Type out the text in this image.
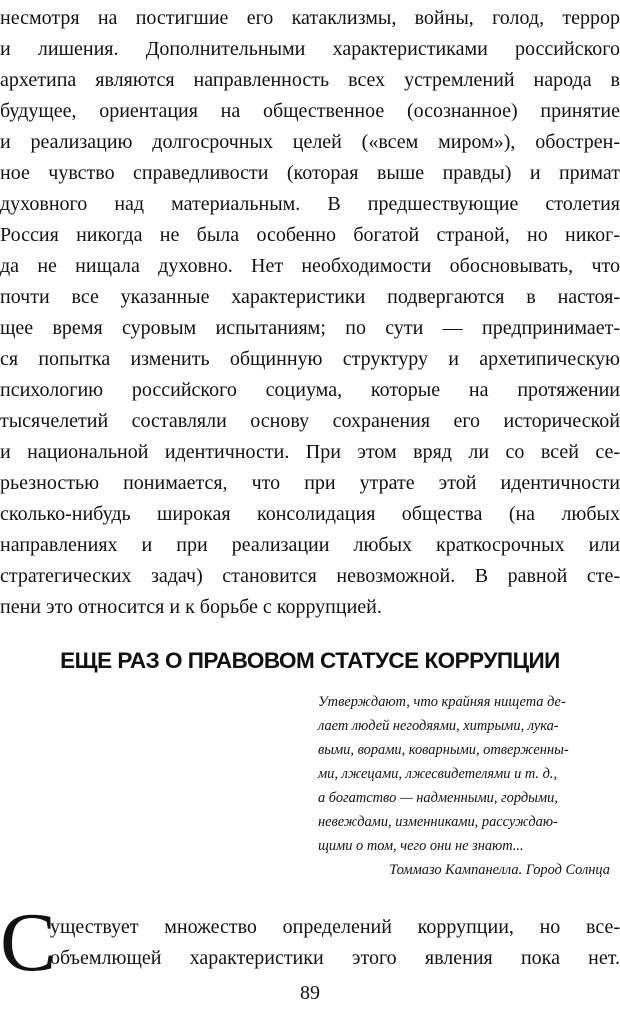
несмотря на постигшие его катаклизмы, войны, голод, террор
и лишения. Дополнительными характеристиками российского
архетипа являются направленность всех устремлений народа в
будущее, ориентация на общественное (осознанное) принятие
и реализацию долгосрочных целей («всем миром»), обострен-
ное чувство справедливости (которая выше правды) и примат
духовного над материальным. В предшествующие столетия
Россия никогда не была особенно богатой страной, но никог-
да не нищала духовно. Нет необходимости обосновывать, что
почти все указанные характеристики подвергаются в настоя-
щее время суровым испытаниям; по сути — предпринимает-
ся попытка изменить общинную структуру и архетипическую
психологию российского социума, которые на протяжении
тысячелетий составляли основу сохранения его исторической
и национальной идентичности. При этом вряд ли со всей се-
рьезностью понимается, что при утрате этой идентичности
сколько-нибудь широкая консолидация общества (на любых
направлениях и при реализации любых краткосрочных или
стратегических задач) становится невозможной. В равной сте-
пени это относится и к борьбе с коррупцией.
ЕЩЕ РАЗ О ПРАВОВОМ СТАТУСЕ КОРРУПЦИИ
Утверждают, что крайняя нищета де-
лает людей негодяями, хитрыми, лука-
выми, ворами, коварными, отверженны-
ми, лжецами, лжесвидетелями и т. д.,
а богатство — надменными, гордыми,
невеждами, изменниками, рассуждаю-
щими о том, чего они не знают...
Томмазо Кампанелла. Город Солнца
С
уществует множество определений коррупции, но все-
объемлющей характеристики этого явления пока нет.
89
